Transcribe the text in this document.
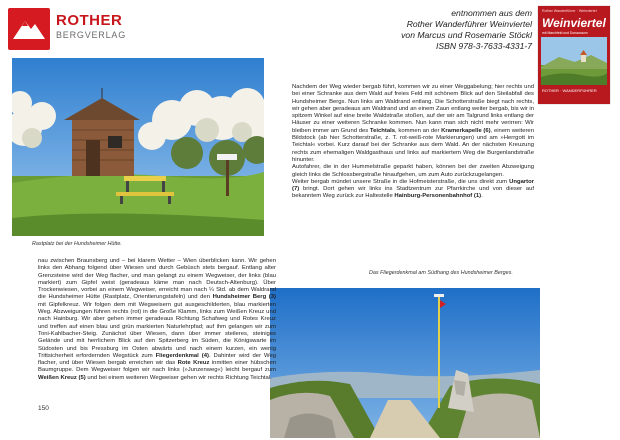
ROTHER
BERGVERLAG
entnommen aus dem
Rother Wanderführer Weinviertel
von Marcus und Rosemarie Stöckl
ISBN 978-3-7633-4331-7
Rother Wanderführer · Weinviertel
Weinviertel
mit Marchfeld und Donauraum
ROTHER · WANDERFÜHRER
Rastplatz bei der Hundsheimer Hütte.
Nachdem der Weg wieder bergab führt, kommen wir zu einer Weggabelung; hier rechts und bei einer Schranke aus dem Wald auf freies Feld mit schönem Blick auf den Steilabfall des Hundsheimer Bergs. Nun links am Waldrand entlang. Die Schotterstraße biegt nach rechts, wir gehen aber geradeaus am Waldrand und an einem Zaun entlang weiter bergab, bis wir in spitzem Winkel auf eine breite Waldstraße stoßen, auf der wir am Talgrund links entlang der Häuser zu einer weiteren Schranke kommen. Nun kann man sich nicht mehr verirren: Wir bleiben immer am Grund des Teichtals, kommen an der Kramerkapelle (6), einem weiteren Bildstock (ab hier Schotterstraße, z. T. rot-weiß-rote Markierungen) und am »Herrgott im Teichtal« vorbei. Kurz darauf bei der Schranke aus dem Wald. An der nächsten Kreuzung rechts zum ehemaligen Waldgasthaus und links auf markiertem Weg die Burgenlandstraße hinunter.
Autofahrer, die in der Hummelstraße geparkt haben, können bei der zweiten Abzweigung gleich links die Schlossbergstraße hinaufgehen, um zum Auto zurückzugelangen.
Weiter bergab mündet unsere Straße in die Hofmeisterstraße, die uns direkt zum Ungartor (7) bringt. Dort gehen wir links ins Stadtzentrum zur Pfarrkirche und von dieser auf bekanntem Weg zurück zur Haltestelle Hainburg-Personenbahnhof (1).
Das Fliegerdenkmal am Südhang des Hundsheimer Berges.
nau zwischen Braunsberg und – bei klarem Wetter – Wien überblicken kann. Wir gehen links den Abhang folgend über Wiesen und durch Gebüsch stets bergauf. Entlang alter Grenzsteine wird der Weg flacher, und man gelangt zu einem Wegweiser, der links (blau markiert) zum Gipfel weist (geradeaus käme man nach Deutsch-Altenburg). Über Trockenwiesen, vorbei an einem Wegweiser, erreicht man nach ¼ Std. ab dem Waldrand die Hundsheimer Hütte (Rastplatz, Orientierungstafeln) und den Hundsheimer Berg (3) mit Gipfelkreuz. Wir folgen dem mit Wegweisern gut ausgeschilderten, blau markierten Weg. Abzweigungen führen rechts (rot) in die Große Klamm, links zum Weißen Kreuz und nach Hainburg. Wir aber gehen immer geradeaus Richtung Schafweg und Rotes Kreuz und treffen auf einen blau und grün markierten Naturlehrpfad; auf ihm gelangen wir zum Toni-Kahlbacher-Steig. Zunächst über Wiesen, dann über immer steileres, steiniges Gelände und mit herrlichem Blick auf den Spitzerberg im Süden, die Königswarte im Südosten und bis Pressburg im Osten abwärts und nach einem kurzen, ein wenig Trittsicherheit erfordernden Wegstück zum Fliegerdenkmal (4). Dahinter wird der Weg flacher, und über Wiesen bergab erreichen wir das Rote Kreuz inmitten einer hübschen Baumgruppe. Dem Wegweiser folgen wir nach links (»Junzenweg«) leicht bergauf zum Weißen Kreuz (5) und bei einem weiteren Wegweiser gehen wir rechts Richtung Teichtal.
150
